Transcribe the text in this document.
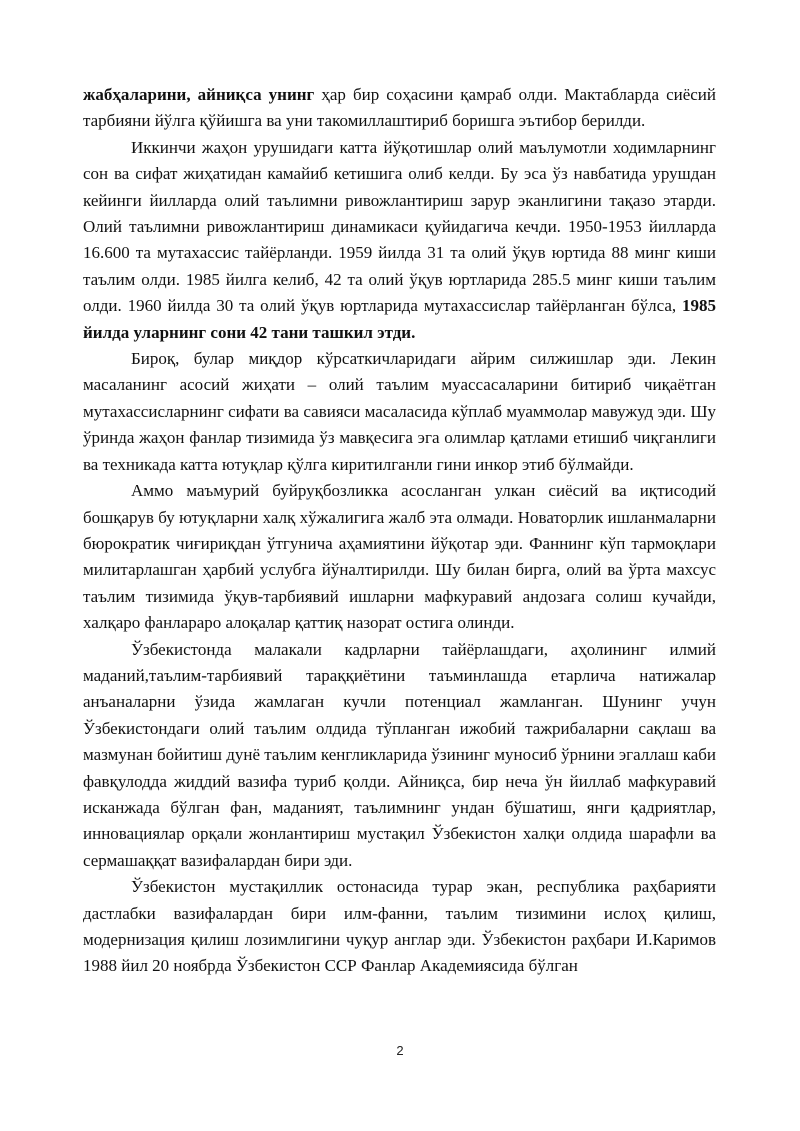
жабҳаларини, айниқса унинг ҳар бир соҳасини қамраб олди. Мактабларда сиёсий тарбияни йўлга қўйишга ва уни такомиллаштириб боришга эътибор берилди.

Иккинчи жаҳон урушидаги катта йўқотишлар олий маълумотли ходимларнинг сон ва сифат жиҳатидан камайиб кетишига олиб келди. Бу эса ўз навбатида урушдан кейинги йилларда олий таълимни ривожлантириш зарур эканлигини тақазо этарди. Олий таълимни ривожлантириш динамикаси қуйидагича кечди. 1950-1953 йилларда 16.600 та мутахассис тайёрланди. 1959 йилда 31 та олий ўқув юртида 88 минг киши таълим олди. 1985 йилга келиб, 42 та олий ўқув юртларида 285.5 минг киши таълим олди. 1960 йилда 30 та олий ўқув юртларида мутахассислар тайёрланган бўлса, 1985 йилда уларнинг сони 42 тани ташкил этди.

Бироқ, булар миқдор кўрсаткичларидаги айрим силжишлар эди. Лекин масаланинг асосий жиҳати – олий таълим муассасаларини битириб чиқаётган мутахассисларнинг сифати ва савияси масаласида кўплаб муаммолар мавужуд эди. Шу ўринда жаҳон фанлар тизимида ўз мавқесига эга олимлар қатлами етишиб чиқганлиги ва техникада катта ютуқлар қўлга киритилганли гини инкор этиб бўлмайди.

Аммо маъмурий буйруқбозликка асосланган улкан сиёсий ва иқтисодий бошқарув бу ютуқларни халқ хўжалигига жалб эта олмади. Новаторлик ишланмаларни бюрократик чиғириқдан ўтгунича аҳамиятини йўқотар эди. Фаннинг кўп тармоқлари милитарлашган ҳарбий услубга йўналтирилди. Шу билан бирга, олий ва ўрта махсус таълим тизимида ўқув-тарбиявий ишларни мафкуравий андозага солиш кучайди, халқаро фанлараро алоқалар қаттиқ назорат остига олинди.

Ўзбекистонда малакали кадрларни тайёрлашдаги, аҳолининг илмий маданий,таълим-тарбиявий тараққиётини таъминлашда етарлича натижалар анъаналарни ўзида жамлаган кучли потенциал жамланган. Шунинг учун Ўзбекистондаги олий таълим олдида тўпланган ижобий тажрибаларни сақлаш ва мазмунан бойитиш дунё таълим кенгликларида ўзининг муносиб ўрнини эгаллаш каби фавқулодда жиддий вазифа туриб қолди. Айниқса, бир неча ўн йиллаб мафкуравий исканжада бўлган фан, маданият, таълимнинг ундан бўшатиш, янги қадриятлар, инновациялар орқали жонлантириш мустақил Ўзбекистон халқи олдида шарафли ва сермашаққат вазифалардан бири эди.

Ўзбекистон мустақиллик остонасида турар экан, республика раҳбарияти дастлабки вазифалардан бири илм-фанни, таълим тизимини ислоҳ қилиш, модернизация қилиш лозимлигини чуқур англар эди. Ўзбекистон раҳбари И.Каримов 1988 йил 20 ноябрда Ўзбекистон ССР Фанлар Академиясида бўлган

2
